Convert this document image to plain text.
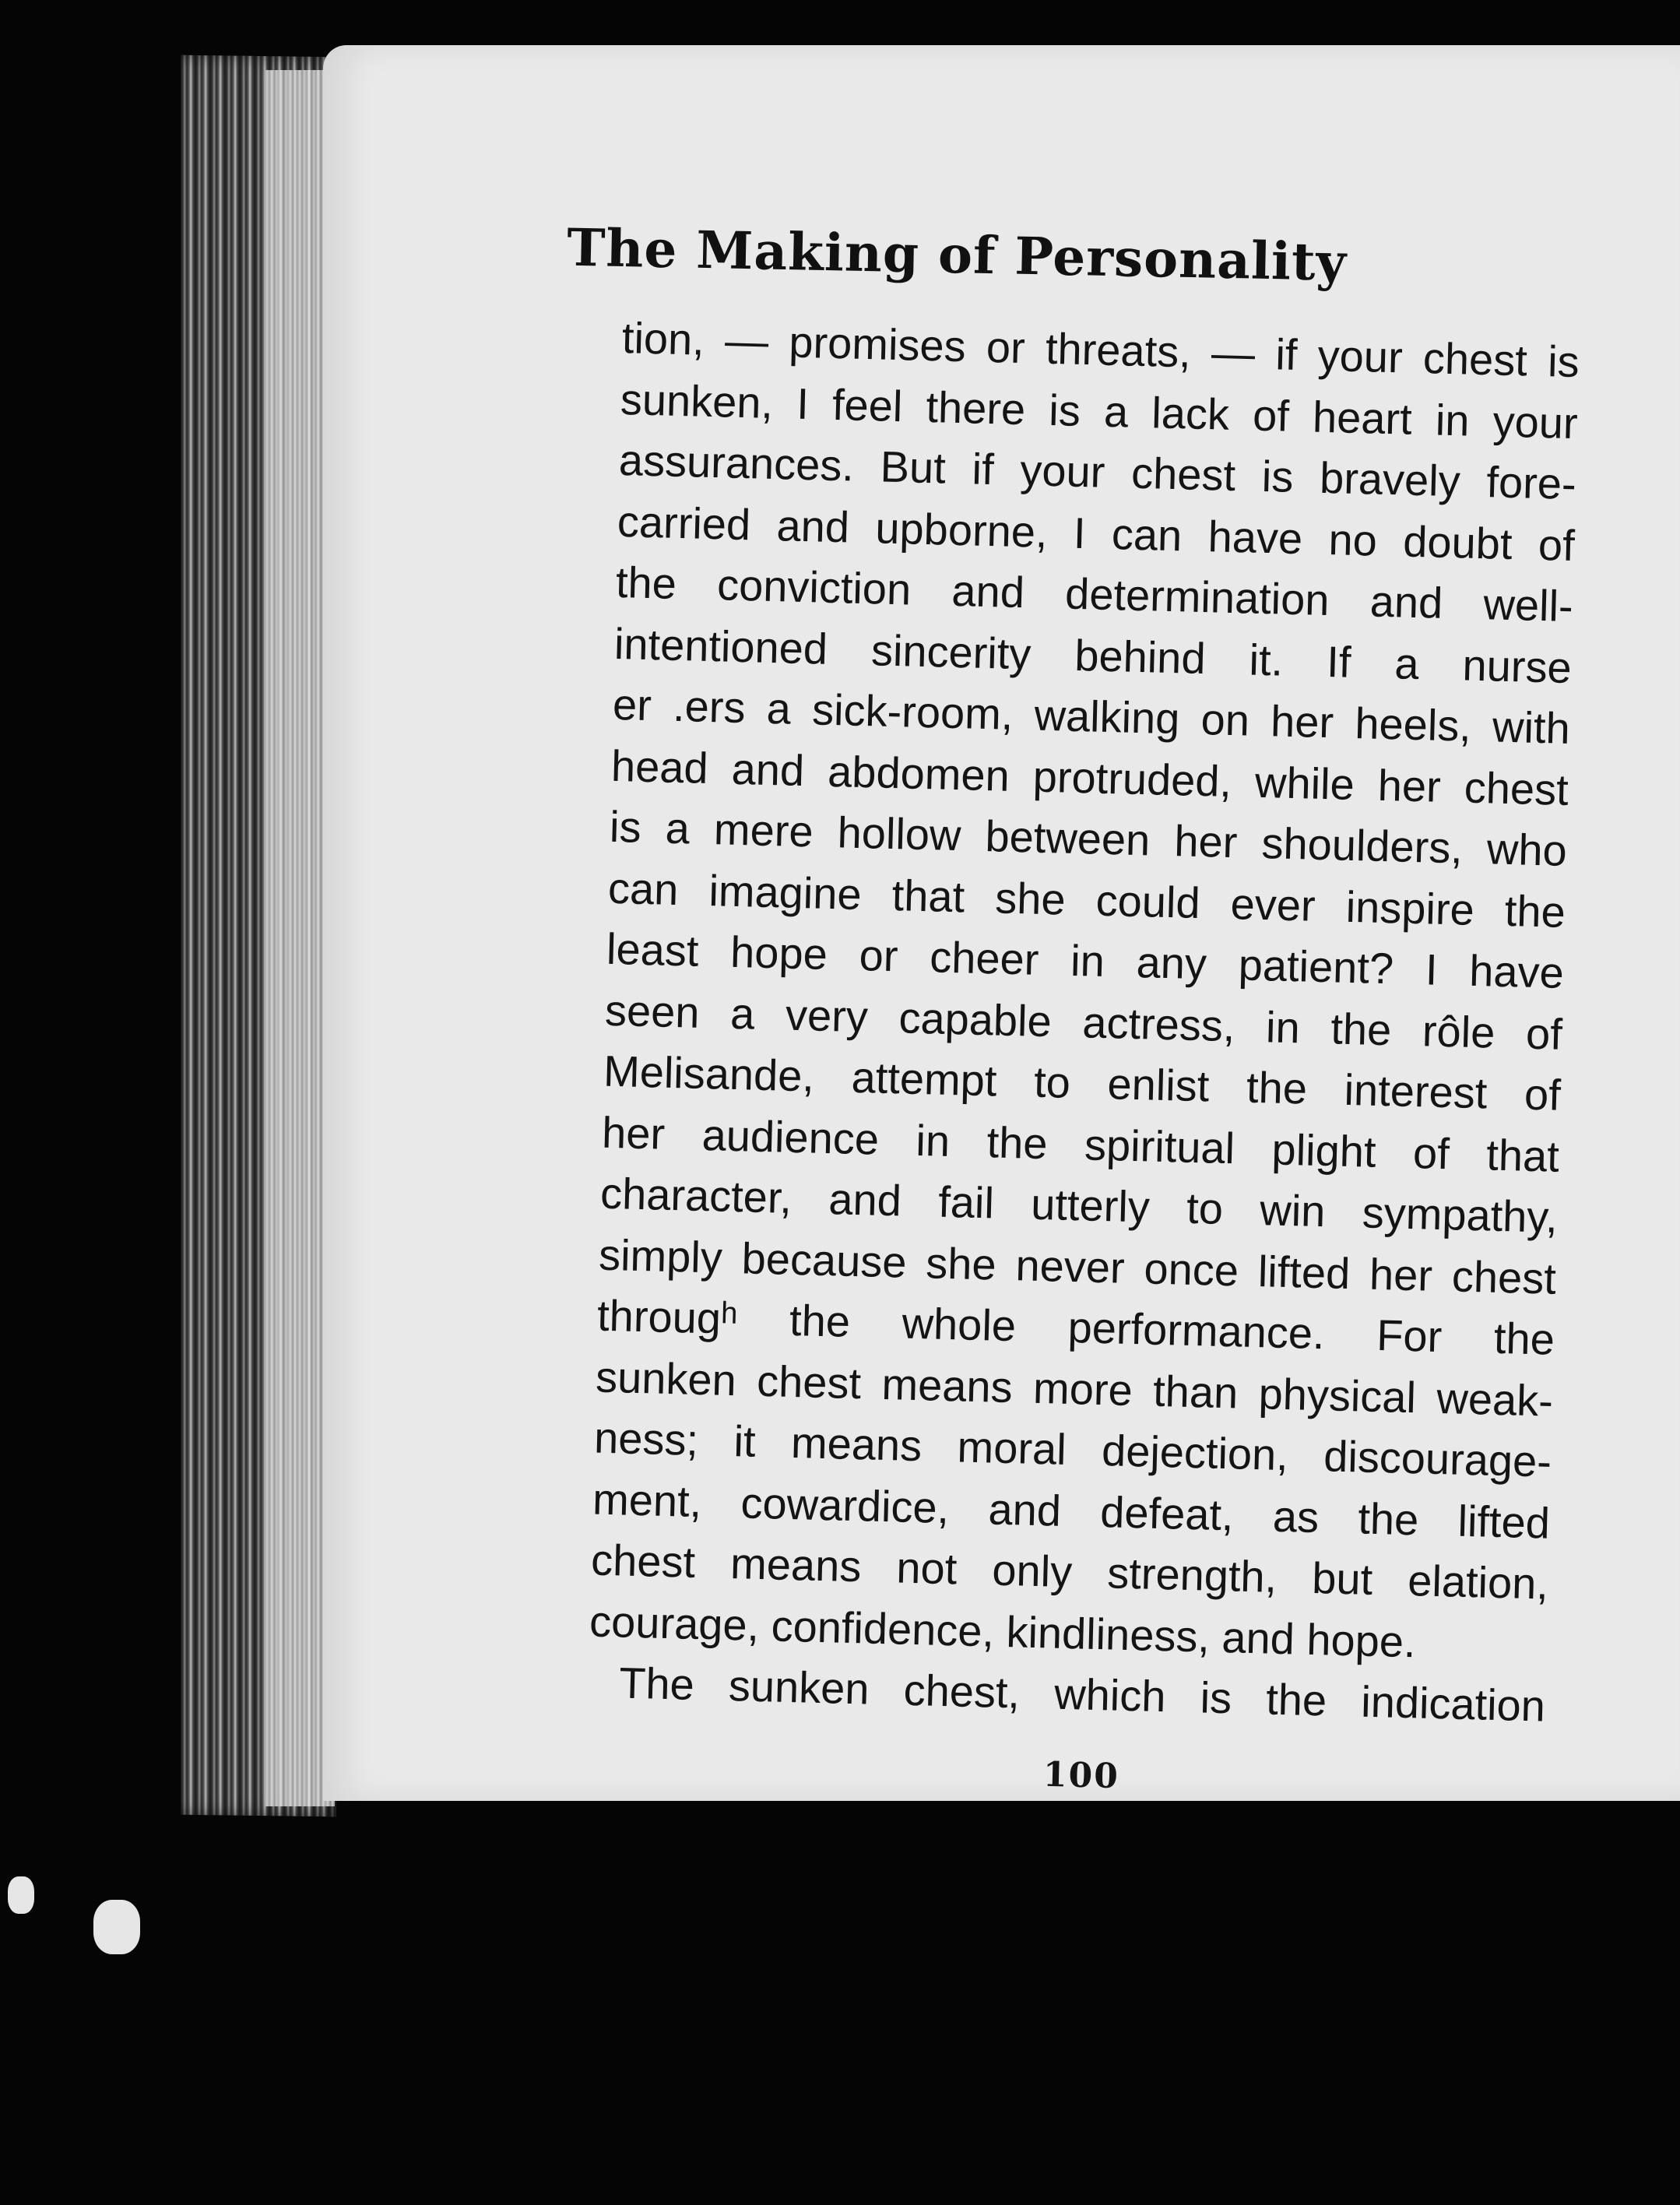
The Making of Personality
tion, — promises or threats, — if your chest is
sunken, I feel there is a lack of heart in your
assurances. But if your chest is bravely fore-
carried and upborne, I can have no doubt of
the conviction and determination and well-
intentioned sincerity behind it. If a nurse
er .ers a sick-room, walking on her heels, with
head and abdomen protruded, while her chest
is a mere hollow between her shoulders, who
can imagine that she could ever inspire the
least hope or cheer in any patient? I have
seen a very capable actress, in the rôle of
Melisande, attempt to enlist the interest of
her audience in the spiritual plight of that
character, and fail utterly to win sympathy,
simply because she never once lifted her chest
througʰ the whole performance. For the
sunken chest means more than physical weak-
ness; it means moral dejection, discourage-
ment, cowardice, and defeat, as the lifted
chest means not only strength, but elation,
courage, confidence, kindliness, and hope.
The sunken chest, which is the indication
100
